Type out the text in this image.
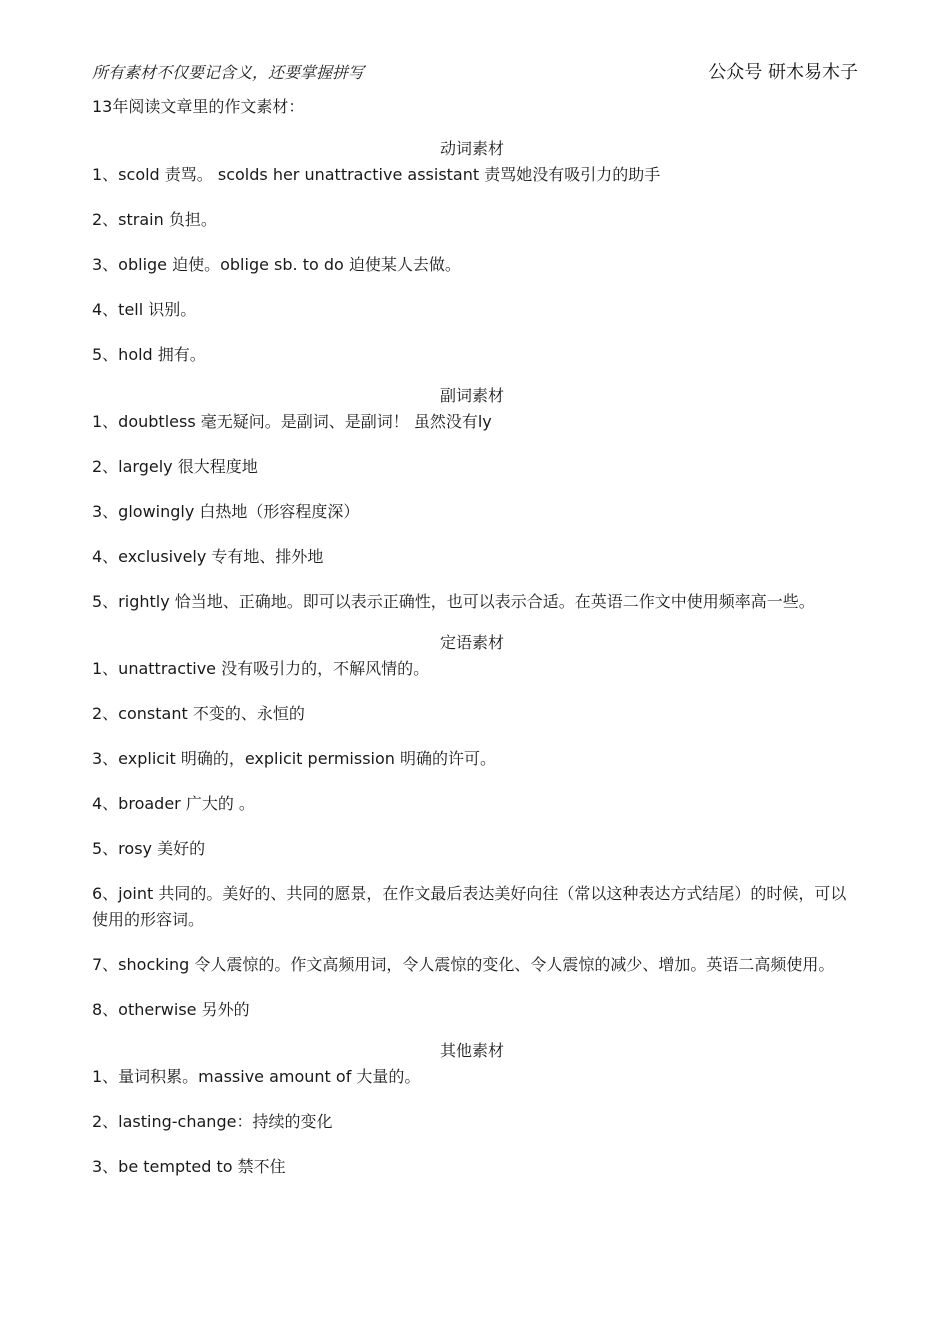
所有素材不仅要记含义，还要掌握拼写	公众号 研木易木子
13年阅读文章里的作文素材：

动词素材

1、scold 责骂。 scolds her unattractive assistant 责骂她没有吸引力的助手

2、strain 负担。

3、oblige 迫使。oblige sb. to do 迫使某人去做。

4、tell 识别。

5、hold 拥有。

副词素材

1、doubtless 毫无疑问。是副词、是副词！ 虽然没有ly

2、largely 很大程度地

3、glowingly 白热地（形容程度深）

4、exclusively 专有地、排外地

5、rightly 恰当地、正确地。即可以表示正确性，也可以表示合适。在英语二作文中使用频率高一些。

定语素材

1、unattractive 没有吸引力的，不解风情的。

2、constant 不变的、永恒的

3、explicit 明确的，explicit permission 明确的许可。

4、broader 广大的 。

5、rosy 美好的

6、joint 共同的。美好的、共同的愿景，在作文最后表达美好向往（常以这种表达方式结尾）的时候，可以使用的形容词。

7、shocking 令人震惊的。作文高频用词，令人震惊的变化、令人震惊的减少、增加。英语二高频使用。

8、otherwise 另外的

其他素材

1、量词积累。massive amount of 大量的。

2、lasting-change：持续的变化

3、be tempted to 禁不住
